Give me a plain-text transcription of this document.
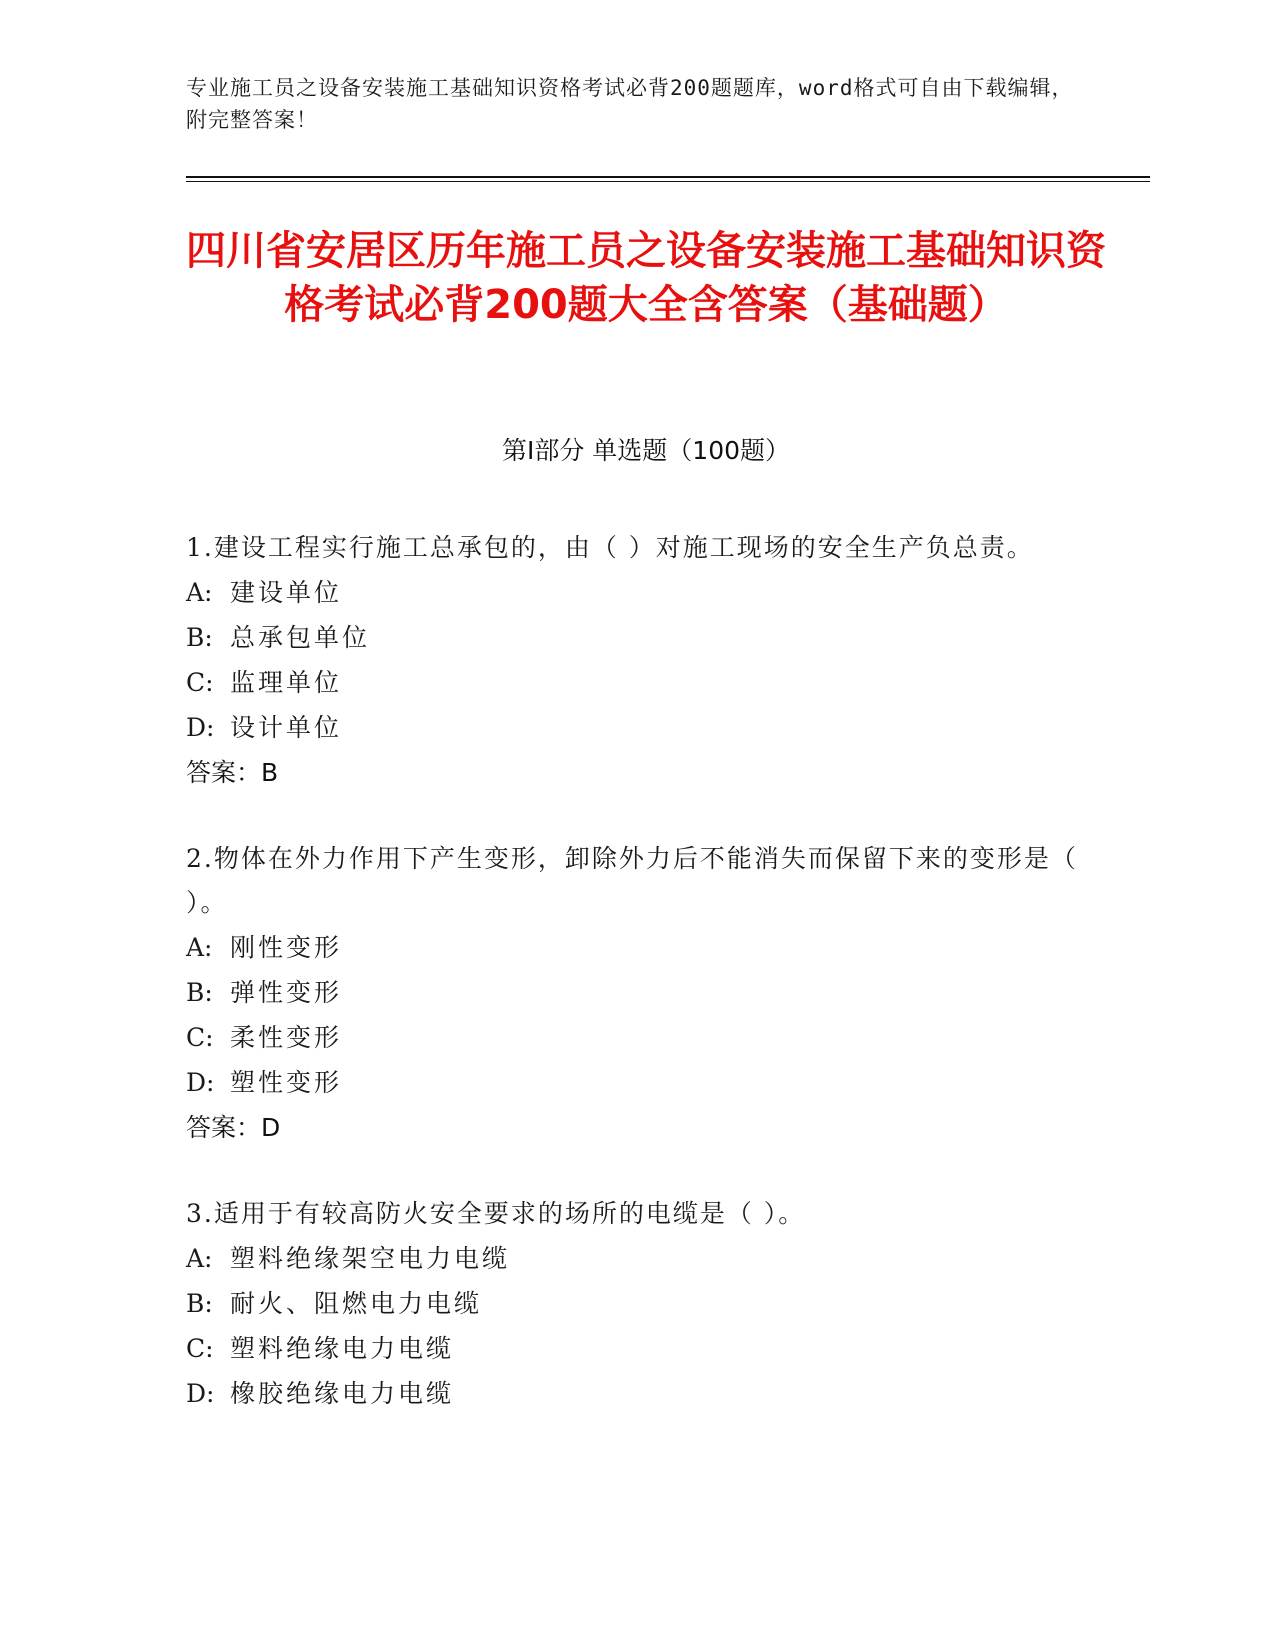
专业施工员之设备安装施工基础知识资格考试必背200题题库，word格式可自由下载编辑，附完整答案！
四川省安居区历年施工员之设备安装施工基础知识资格考试必背200题大全含答案（基础题）
第Ⅰ部分 单选题（100题）

1.建设工程实行施工总承包的，由（ ）对施工现场的安全生产负总责。

A: 建设单位

B: 总承包单位

C: 监理单位

D: 设计单位

答案：B

2.物体在外力作用下产生变形，卸除外力后不能消失而保留下来的变形是（ ）。

A: 刚性变形

B: 弹性变形

C: 柔性变形

D: 塑性变形

答案：D

3.适用于有较高防火安全要求的场所的电缆是（ ）。

A: 塑料绝缘架空电力电缆

B: 耐火、阻燃电力电缆

C: 塑料绝缘电力电缆

D: 橡胶绝缘电力电缆
